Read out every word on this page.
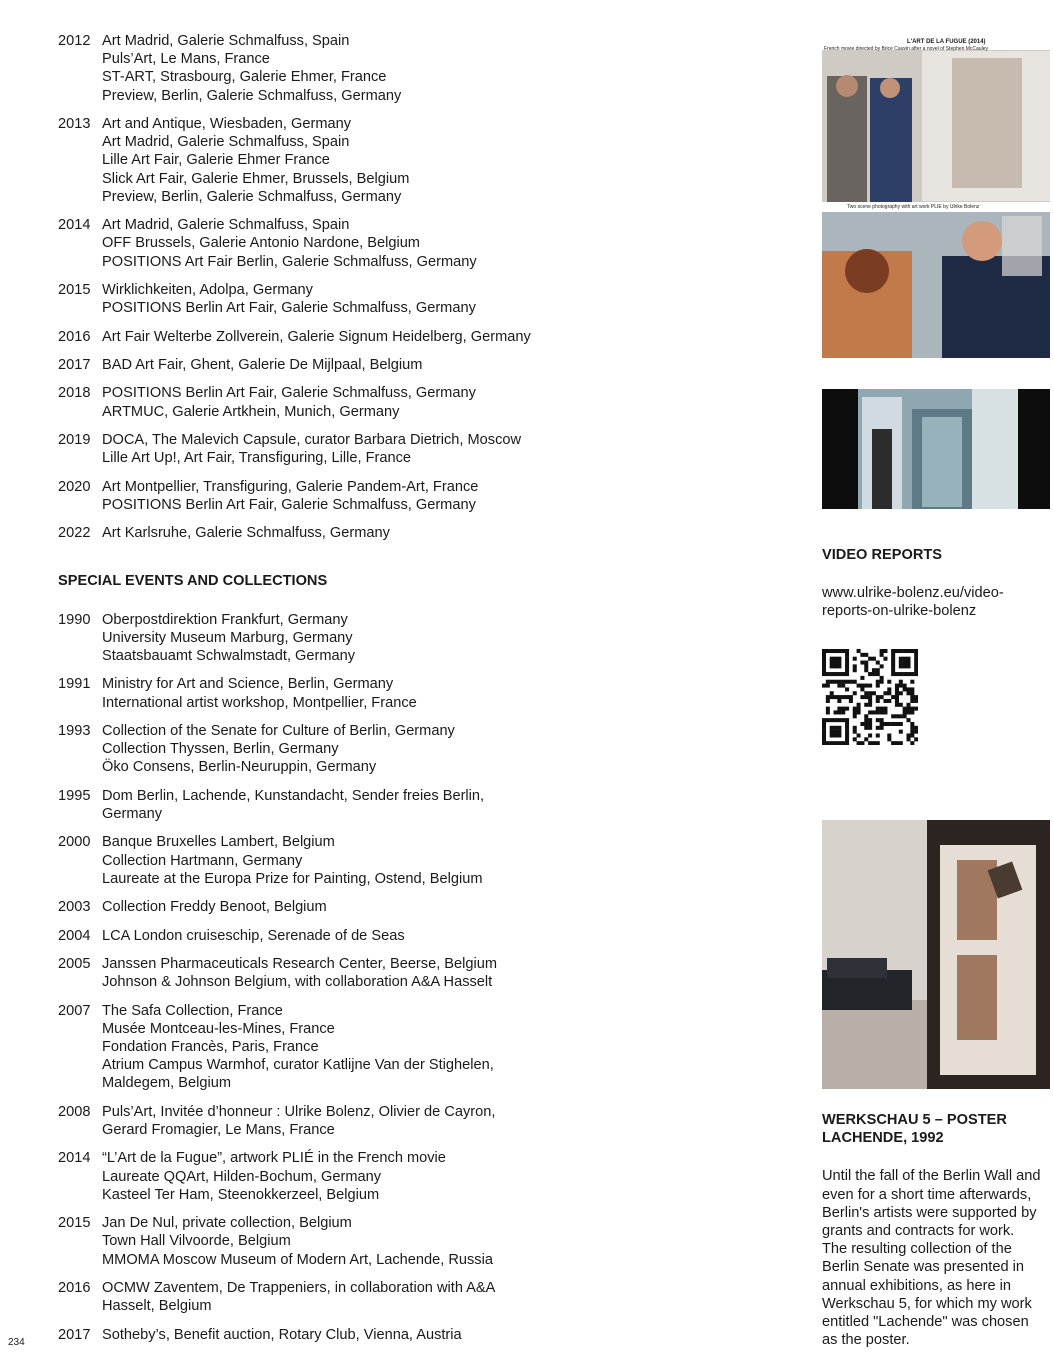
2012 Art Madrid, Galerie Schmalfuss, Spain
Puls’Art, Le Mans, France
ST-ART, Strasbourg, Galerie Ehmer, France
Preview, Berlin, Galerie Schmalfuss, Germany
2013 Art and Antique, Wiesbaden, Germany
Art Madrid, Galerie Schmalfuss, Spain
Lille Art Fair, Galerie Ehmer France
Slick Art Fair, Galerie Ehmer, Brussels, Belgium
Preview, Berlin, Galerie Schmalfuss, Germany
2014 Art Madrid, Galerie Schmalfuss, Spain
OFF Brussels, Galerie Antonio Nardone, Belgium
POSITIONS Art Fair Berlin, Galerie Schmalfuss, Germany
2015 Wirklichkeiten, Adolpa, Germany
POSITIONS Berlin Art Fair, Galerie Schmalfuss, Germany
2016 Art Fair Welterbe Zollverein, Galerie Signum Heidelberg, Germany
2017 BAD Art Fair, Ghent, Galerie De Mijlpaal, Belgium
2018 POSITIONS Berlin Art Fair, Galerie Schmalfuss, Germany
ARTMUC, Galerie Artkhein, Munich, Germany
2019 DOCA, The Malevich Capsule, curator Barbara Dietrich, Moscow
Lille Art Up!, Art Fair, Transfiguring, Lille, France
2020 Art Montpellier, Transfiguring, Galerie Pandem-Art, France
POSITIONS Berlin Art Fair, Galerie Schmalfuss, Germany
2022 Art Karlsruhe, Galerie Schmalfuss, Germany
SPECIAL EVENTS AND COLLECTIONS
1990 Oberpostdirektion Frankfurt, Germany
University Museum Marburg, Germany
Staatsbauamt Schwalmstadt, Germany
1991 Ministry for Art and Science, Berlin, Germany
International artist workshop, Montpellier, France
1993 Collection of the Senate for Culture of Berlin, Germany
Collection Thyssen, Berlin, Germany
Öko Consens, Berlin-Neuruppin, Germany
1995 Dom Berlin, Lachende, Kunstandacht, Sender freies Berlin,
Germany
2000 Banque Bruxelles Lambert, Belgium
Collection Hartmann, Germany
Laureate at the Europa Prize for Painting, Ostend, Belgium
2003 Collection Freddy Benoot, Belgium
2004 LCA London cruiseschip, Serenade of de Seas
2005 Janssen Pharmaceuticals Research Center, Beerse, Belgium
Johnson & Johnson Belgium, with collaboration A&A Hasselt
2007 The Safa Collection, France
Musée Montceau-les-Mines, France
Fondation Francès, Paris, France
Atrium Campus Warmhof, curator Katlijne Van der Stighelen,
Maldegem, Belgium
2008 Puls’Art, Invitée d’honneur : Ulrike Bolenz, Olivier de Cayron,
Gerard Fromagier, Le Mans, France
2014 “L’Art de la Fugue”, artwork PLIÉ in the French movie
Laureate QQArt, Hilden-Bochum, Germany
Kasteel Ter Ham, Steenokkerzeel, Belgium
2015 Jan De Nul, private collection, Belgium
Town Hall Vilvoorde, Belgium
MMOMA Moscow Museum of Modern Art, Lachende, Russia
2016 OCMW Zaventem, De Trappeniers, in collaboration with A&A
Hasselt, Belgium
2017 Sotheby’s, Benefit auction, Rotary Club, Vienna, Austria
234
L'ART DE LA FUGUE (2014)
French movie directed by Brice Cauvin after a novel of Stephen McCauley
Two scene photography with art work PLIE by Ulrike Bolenz
VIDEO REPORTS
www.ulrike-bolenz.eu/video-
reports-on-ulrike-bolenz
WERKSCHAU 5 – POSTER
LACHENDE, 1992
Until the fall of the Berlin Wall and
even for a short time afterwards,
Berlin's artists were supported by
grants and contracts for work.
The resulting collection of the
Berlin Senate was presented in
annual exhibitions, as here in
Werkschau 5, for which my work
entitled "Lachende" was chosen
as the poster.
